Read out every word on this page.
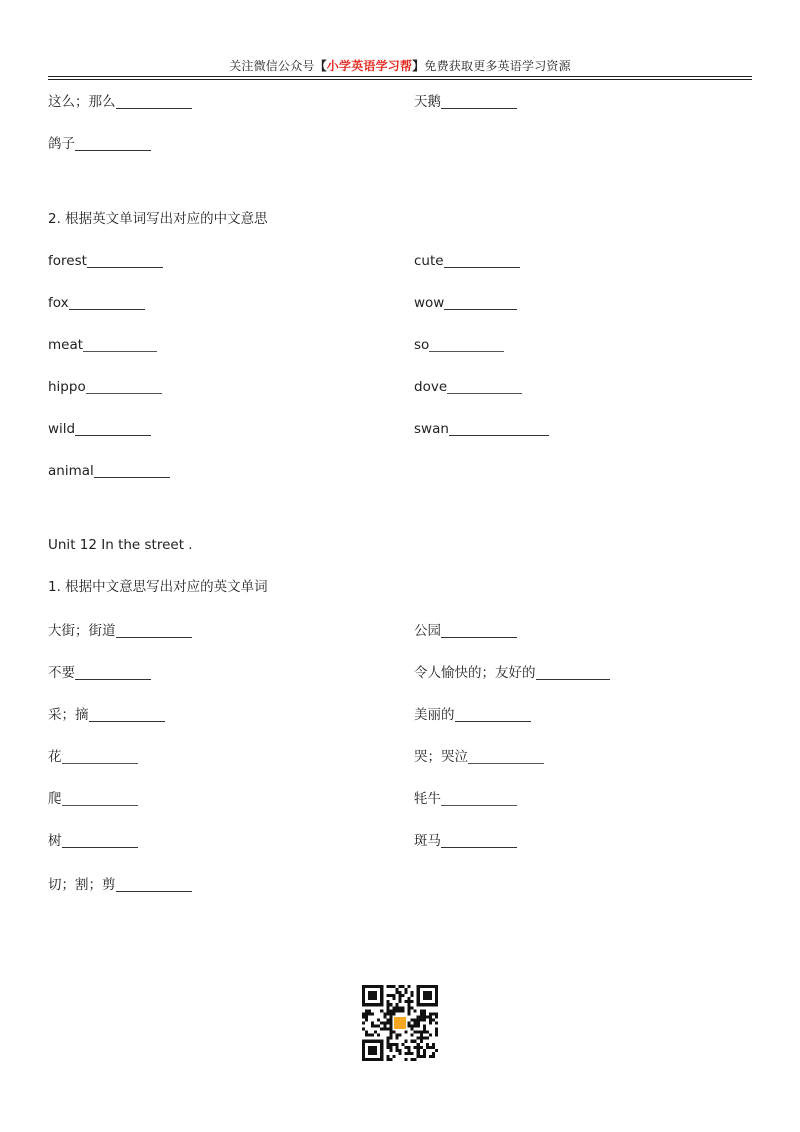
关注微信公众号【小学英语学习帮】免费获取更多英语学习资源
这么；那么	天鹅
鸽子
2. 根据英文单词写出对应的中文意思
forest	cute
fox	wow
meat	so
hippo	dove
wild	swan
animal
Unit 12 In the street .
1. 根据中文意思写出对应的英文单词
大街；街道	公园
不要	令人愉快的；友好的
采；摘	美丽的
花	哭；哭泣
爬	牦牛
树	斑马
切；割；剪
